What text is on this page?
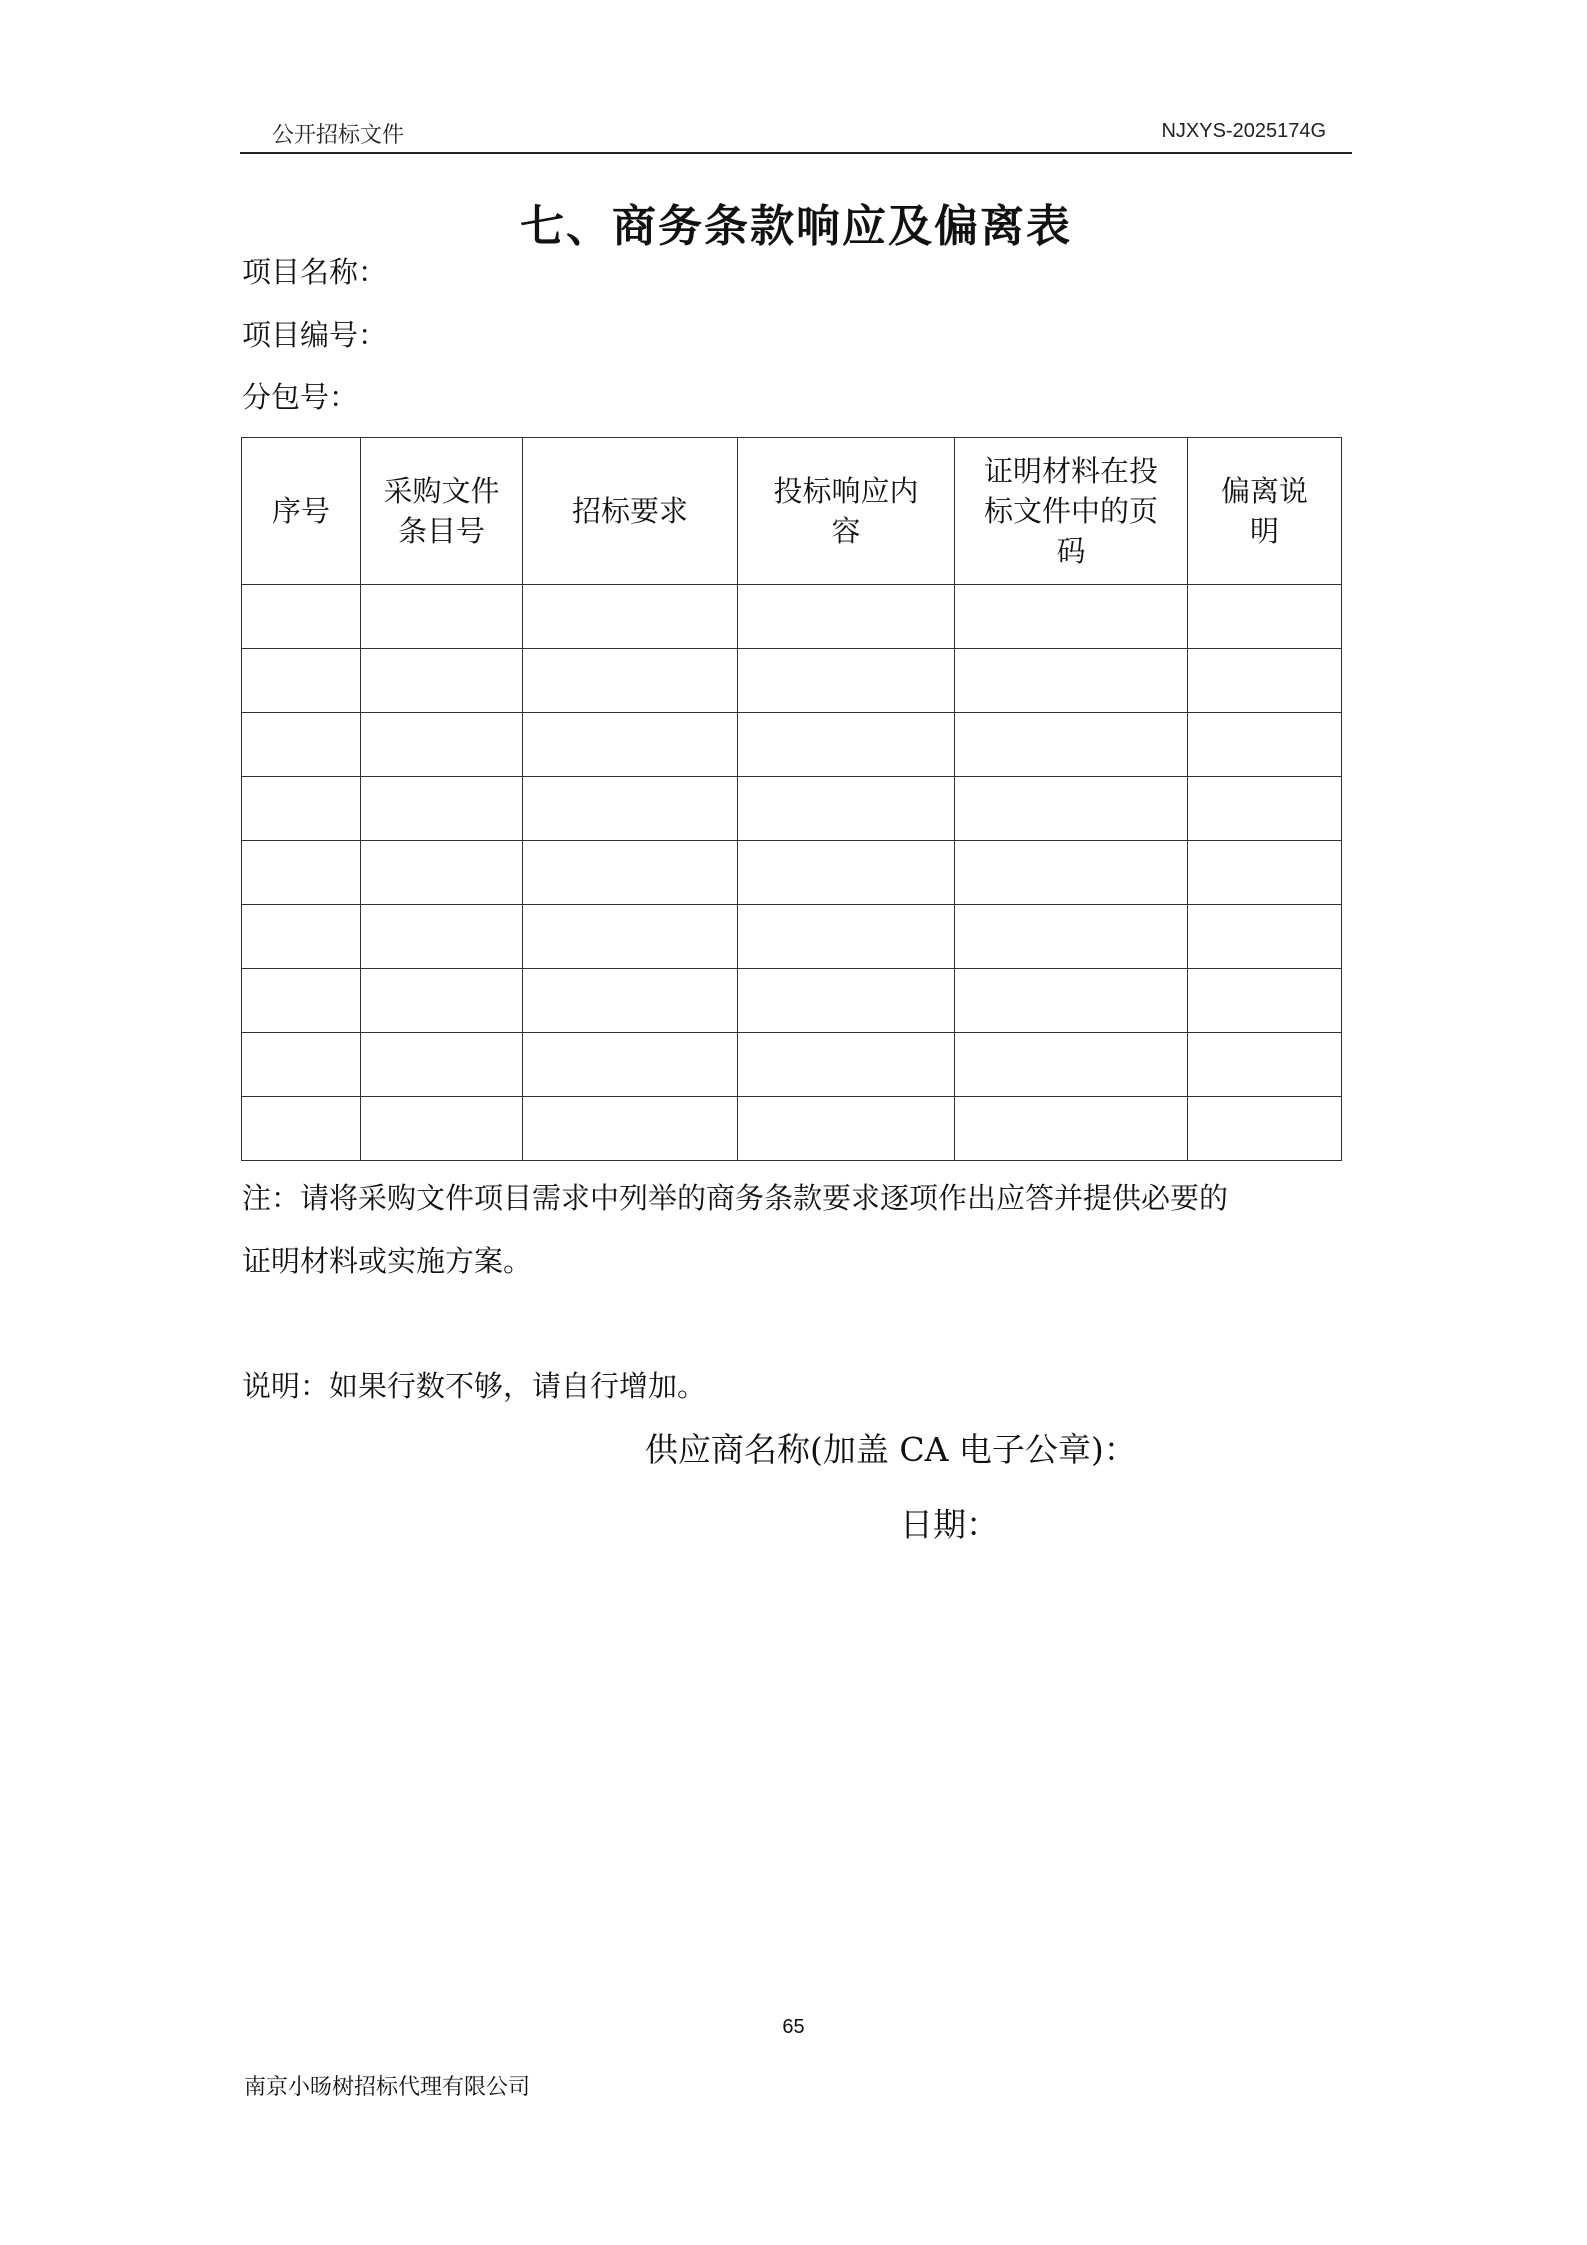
公开招标文件	NJXYS-2025174G
七、商务条款响应及偏离表
项目名称：
项目编号：
分包号：
序号	采购文件条目号	招标要求	投标响应内容	证明材料在投标文件中的页码	偏离说明

注：请将采购文件项目需求中列举的商务条款要求逐项作出应答并提供必要的
证明材料或实施方案。
说明：如果行数不够，请自行增加。
供应商名称(加盖 CA 电子公章)：
日期：
65
南京小旸树招标代理有限公司
